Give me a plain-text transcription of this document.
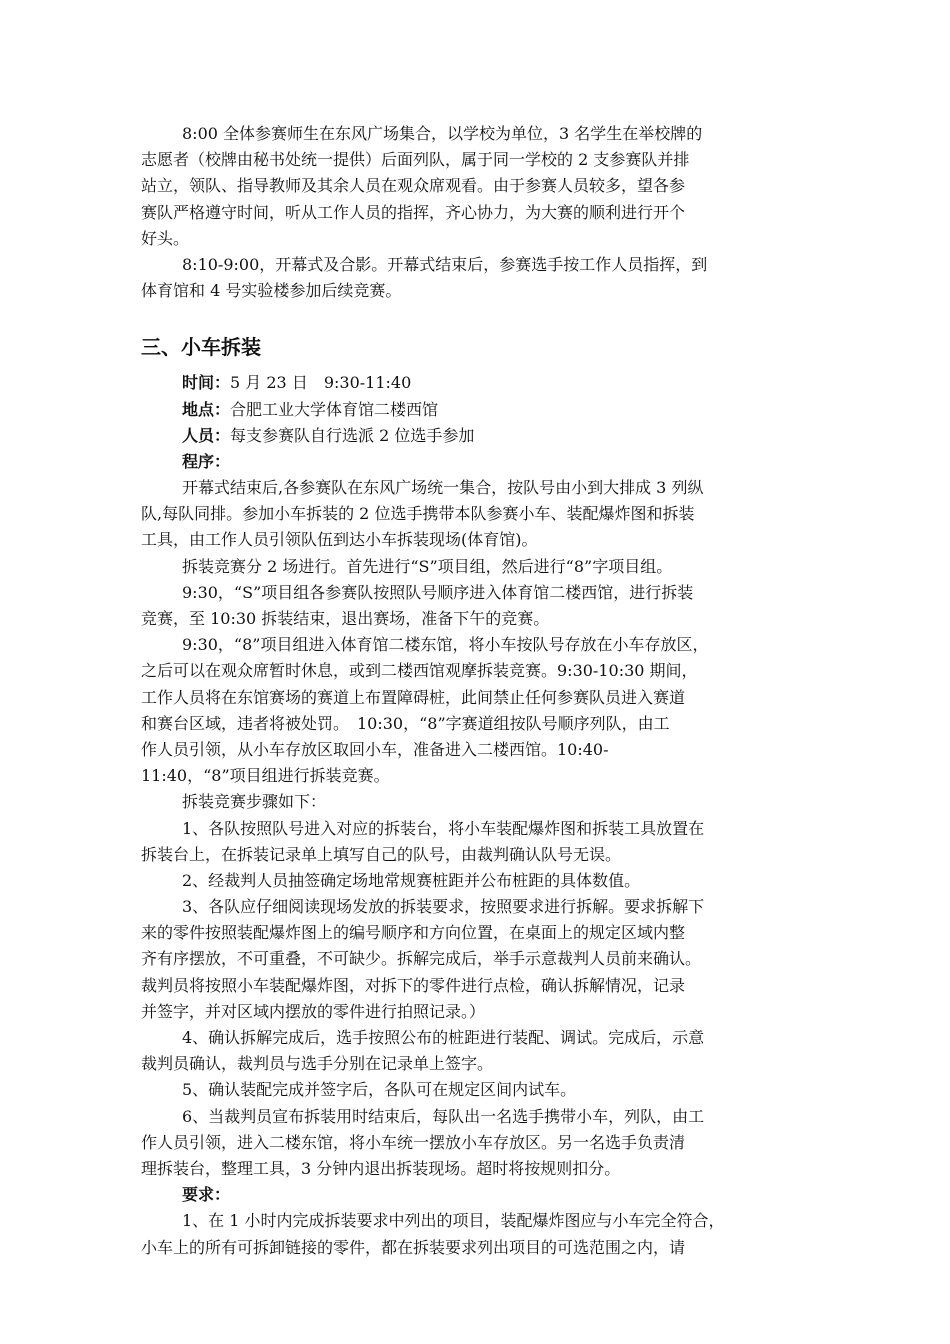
8:00 全体参赛师生在东风广场集合，以学校为单位，3 名学生在举校牌的
志愿者（校牌由秘书处统一提供）后面列队，属于同一学校的 2 支参赛队并排
站立，领队、指导教师及其余人员在观众席观看。由于参赛人员较多，望各参
赛队严格遵守时间，听从工作人员的指挥，齐心协力，为大赛的顺利进行开个
好头。
8:10-9:00，开幕式及合影。开幕式结束后，参赛选手按工作人员指挥，到
体育馆和 4 号实验楼参加后续竞赛。
三、小车拆装
时间：5 月 23 日　9:30-11:40
地点：合肥工业大学体育馆二楼西馆
人员：每支参赛队自行选派 2 位选手参加
程序：
开幕式结束后,各参赛队在东风广场统一集合，按队号由小到大排成 3 列纵
队,每队同排。参加小车拆装的 2 位选手携带本队参赛小车、装配爆炸图和拆装
工具，由工作人员引领队伍到达小车拆装现场(体育馆)。
拆装竞赛分 2 场进行。首先进行“S”项目组，然后进行“8”字项目组。
9:30，“S”项目组各参赛队按照队号顺序进入体育馆二楼西馆，进行拆装
竞赛，至 10:30 拆装结束，退出赛场，准备下午的竞赛。
9:30，“8”项目组进入体育馆二楼东馆，将小车按队号存放在小车存放区，
之后可以在观众席暂时休息，或到二楼西馆观摩拆装竞赛。9:30-10:30 期间，
工作人员将在东馆赛场的赛道上布置障碍桩，此间禁止任何参赛队员进入赛道
和赛台区域，违者将被处罚。　10:30，“8”字赛道组按队号顺序列队，由工
作人员引领，从小车存放区取回小车，准备进入二楼西馆。10:40-
11:40，“8”项目组进行拆装竞赛。
拆装竞赛步骤如下：
1、各队按照队号进入对应的拆装台，将小车装配爆炸图和拆装工具放置在
拆装台上，在拆装记录单上填写自己的队号，由裁判确认队号无误。
2、经裁判人员抽签确定场地常规赛桩距并公布桩距的具体数值。
3、各队应仔细阅读现场发放的拆装要求，按照要求进行拆解。要求拆解下
来的零件按照装配爆炸图上的编号顺序和方向位置，在桌面上的规定区域内整
齐有序摆放，不可重叠，不可缺少。拆解完成后，举手示意裁判人员前来确认。
裁判员将按照小车装配爆炸图，对拆下的零件进行点检，确认拆解情况，记录
并签字，并对区域内摆放的零件进行拍照记录。）
4、确认拆解完成后，选手按照公布的桩距进行装配、调试。完成后，示意
裁判员确认，裁判员与选手分别在记录单上签字。
5、确认装配完成并签字后，各队可在规定区间内试车。
6、当裁判员宣布拆装用时结束后，每队出一名选手携带小车，列队，由工
作人员引领，进入二楼东馆，将小车统一摆放小车存放区。另一名选手负责清
理拆装台，整理工具，3 分钟内退出拆装现场。超时将按规则扣分。
要求：
1、在 1 小时内完成拆装要求中列出的项目，装配爆炸图应与小车完全符合，
小车上的所有可拆卸链接的零件，都在拆装要求列出项目的可选范围之内，请
